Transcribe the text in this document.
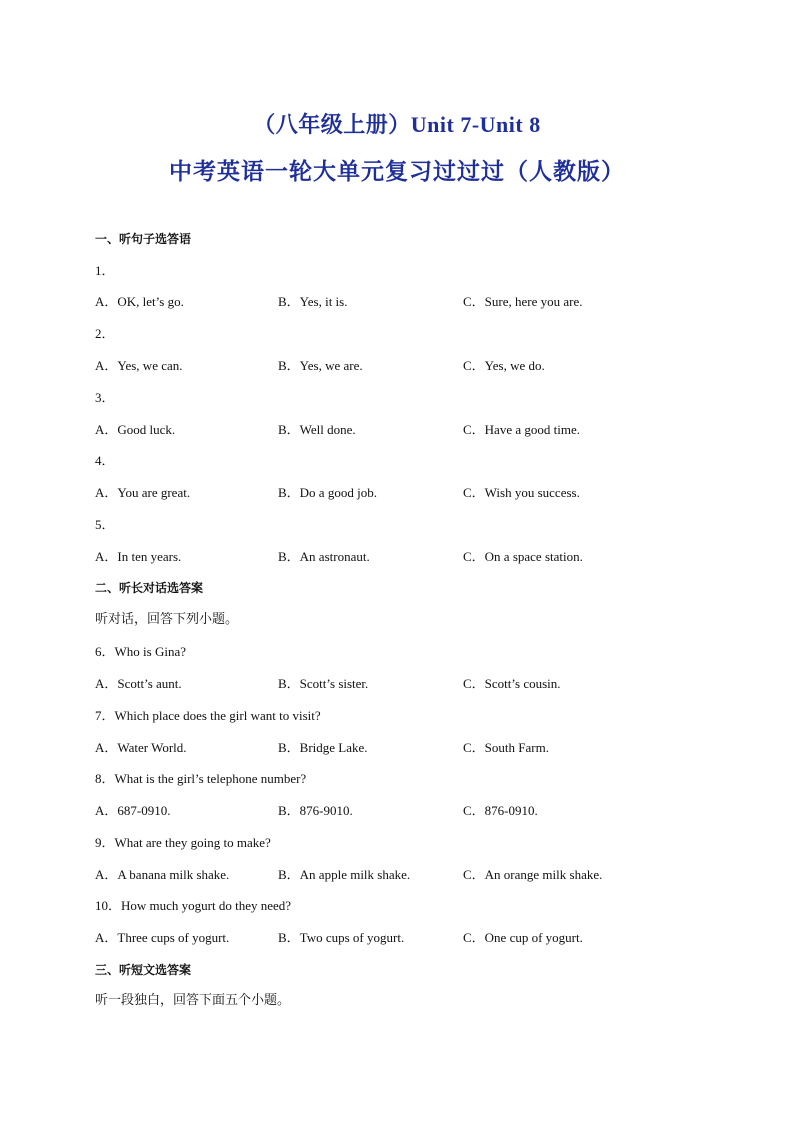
（八年级上册）Unit 7-Unit 8
中考英语一轮大单元复习过过过（人教版）
一、听句子选答语
1．
A．OK, let’s go.	B．Yes, it is.	C．Sure, here you are.
2．
A．Yes, we can.	B．Yes, we are.	C．Yes, we do.
3．
A．Good luck.	B．Well done.	C．Have a good time.
4．
A．You are great.	B．Do a good job.	C．Wish you success.
5．
A．In ten years.	B．An astronaut.	C．On a space station.
二、听长对话选答案
听对话，回答下列小题。
6．Who is Gina?
A．Scott’s aunt.	B．Scott’s sister.	C．Scott’s cousin.
7．Which place does the girl want to visit?
A．Water World.	B．Bridge Lake.	C．South Farm.
8．What is the girl’s telephone number?
A．687-0910.	B．876-9010.	C．876-0910.
9．What are they going to make?
A．A banana milk shake.	B．An apple milk shake.	C．An orange milk shake.
10．How much yogurt do they need?
A．Three cups of yogurt.	B．Two cups of yogurt.	C．One cup of yogurt.
三、听短文选答案
听一段独白，回答下面五个小题。
